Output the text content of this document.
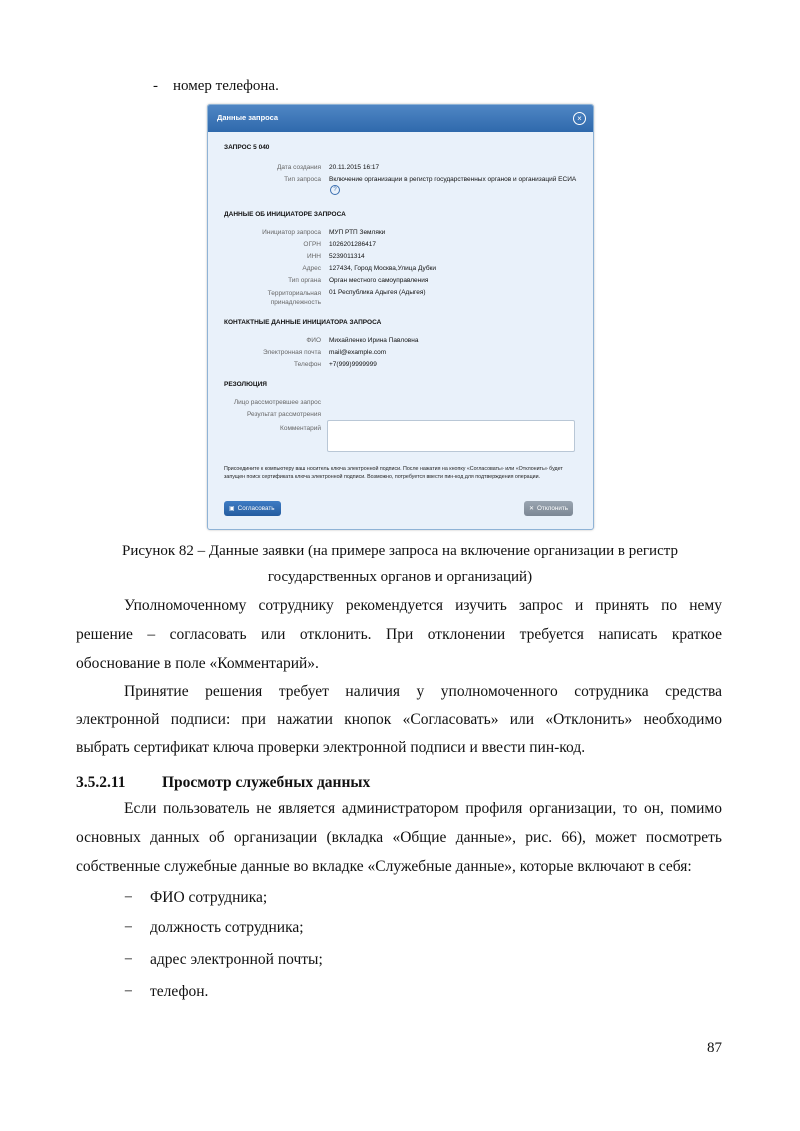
- номер телефона.
Данные запроса	×
ЗАПРОС 5 040
Дата создания 20.11.2015 16:17
Тип запроса Включение организации в регистр государственных органов и организаций ЕСИА?
ДАННЫЕ ОБ ИНИЦИАТОРЕ ЗАПРОСА
Инициатор запроса МУП РТП Земляки
ОГРН 1026201286417
ИНН 5239011314
Адрес 127434, Город Москва,Улица Дубки
Тип органа Орган местного самоуправления
Территориальная принадлежность
01 Республика Адыгея (Адыгея)
КОНТАКТНЫЕ ДАННЫЕ ИНИЦИАТОРА ЗАПРОСА
ФИО Михайленко Ирина Павловна
Электронная почта mail@example.com
Телефон +7(999)9999999
РЕЗОЛЮЦИЯ
Лицо рассмотревшее запрос
Результат рассмотрения
Комментарий
Присоедините к компьютеру ваш носитель ключа электронной подписи. После нажатия на кнопку «Согласовать» или «Отклонить» будет запущен поиск сертификата ключа электронной подписи. Возможно, потребуется ввести пин-код для подтверждения операции.
▣ Согласовать	✕ Отклонить
Рисунок 82 – Данные заявки (на примере запроса на включение организации в регистр
государственных органов и организаций)
Уполномоченному сотруднику рекомендуется изучить запрос и принять по нему
решение – согласовать или отклонить. При отклонении требуется написать краткое
обоснование в поле «Комментарий».
Принятие решения требует наличия у уполномоченного сотрудника средства
электронной подписи: при нажатии кнопок «Согласовать» или «Отклонить» необходимо
выбрать сертификат ключа проверки электронной подписи и ввести пин-код.
3.5.2.11 Просмотр служебных данных
Если пользователь не является администратором профиля организации, то он, помимо
основных данных об организации (вкладка «Общие данные», рис. 66), может посмотреть
собственные служебные данные во вкладке «Служебные данные», которые включают в себя:
− ФИО сотрудника;
− должность сотрудника;
− адрес электронной почты;
− телефон.
87
